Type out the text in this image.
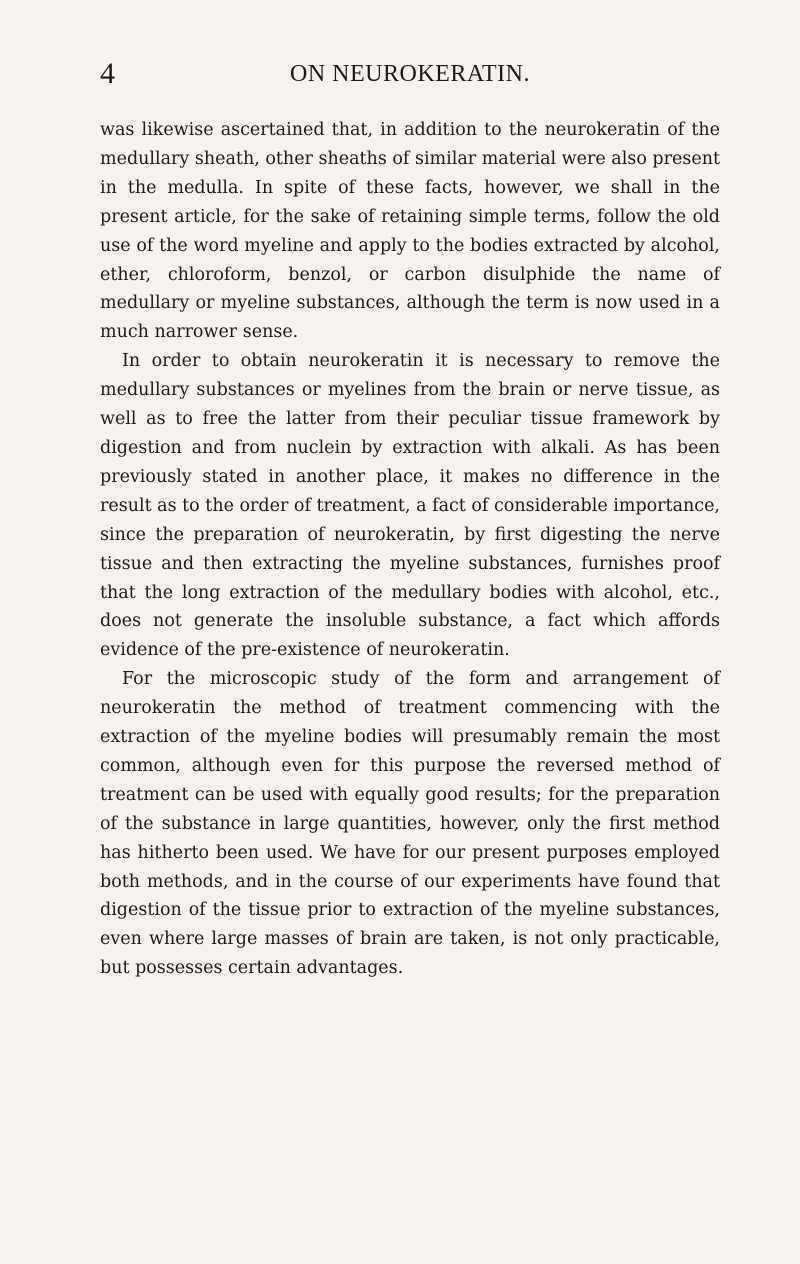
4	ON NEUROKERATIN.

was likewise ascertained that, in addition to the neurokeratin of the medullary sheath, other sheaths of similar material were also present in the medulla. In spite of these facts, however, we shall in the present article, for the sake of retaining simple terms, follow the old use of the word myeline and apply to the bodies extracted by alcohol, ether, chloroform, benzol, or carbon disulphide the name of medullary or myeline substances, although the term is now used in a much narrower sense.

In order to obtain neurokeratin it is necessary to remove the medullary substances or myelines from the brain or nerve tissue, as well as to free the latter from their peculiar tissue framework by digestion and from nuclein by extraction with alkali. As has been previously stated in another place, it makes no difference in the result as to the order of treatment, a fact of considerable importance, since the preparation of neurokeratin, by first digesting the nerve tissue and then extracting the myeline substances, furnishes proof that the long extraction of the medullary bodies with alcohol, etc., does not generate the insoluble substance, a fact which affords evidence of the pre-existence of neurokeratin.

For the microscopic study of the form and arrangement of neurokeratin the method of treatment commencing with the extraction of the myeline bodies will presumably remain the most common, although even for this purpose the reversed method of treatment can be used with equally good results; for the preparation of the substance in large quantities, however, only the first method has hitherto been used. We have for our present purposes employed both methods, and in the course of our experiments have found that digestion of the tissue prior to extraction of the myeline substances, even where large masses of brain are taken, is not only practicable, but possesses certain advantages.
